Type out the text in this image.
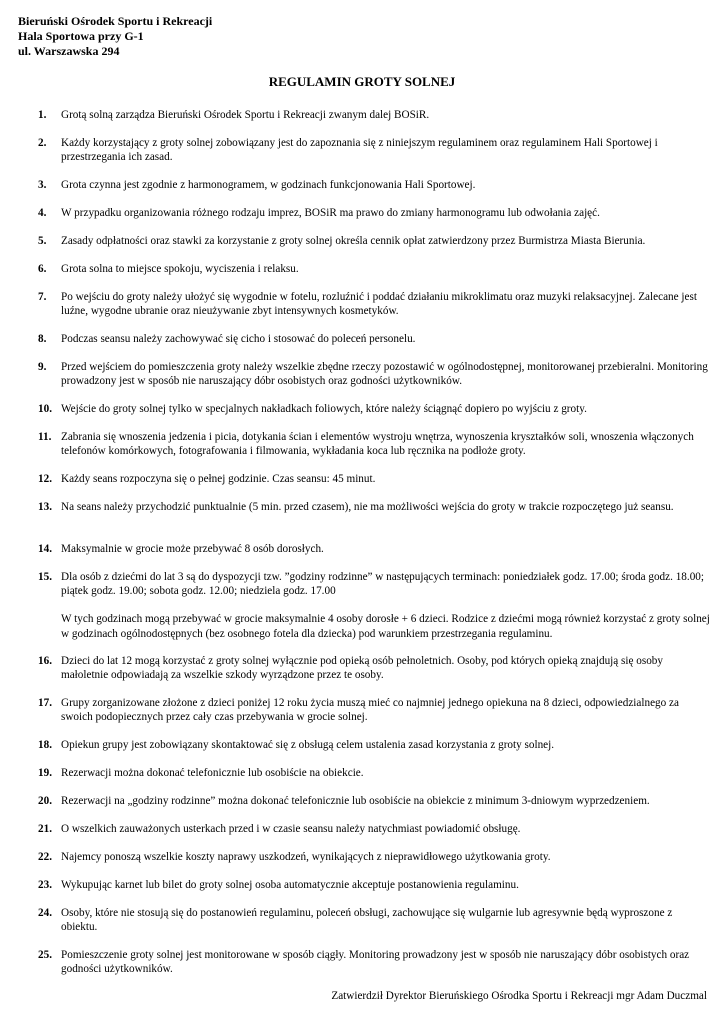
Bieruński Ośrodek Sportu i Rekreacji
Hala Sportowa przy G-1
ul. Warszawska 294
REGULAMIN GROTY SOLNEJ
1. Grotą solną zarządza Bieruński Ośrodek Sportu i Rekreacji zwanym dalej BOSiR.
2. Każdy korzystający z groty solnej zobowiązany jest do zapoznania się z niniejszym regulaminem oraz regulaminem Hali Sportowej i przestrzegania ich zasad.
3. Grota czynna jest zgodnie z harmonogramem, w godzinach funkcjonowania Hali Sportowej.
4. W przypadku organizowania różnego rodzaju imprez, BOSiR ma prawo do zmiany harmonogramu lub odwołania zajęć.
5. Zasady odpłatności oraz stawki za korzystanie z groty solnej określa cennik opłat zatwierdzony przez Burmistrza Miasta Bierunia.
6. Grota solna to miejsce spokoju, wyciszenia i relaksu.
7. Po wejściu do groty należy ułożyć się wygodnie w fotelu, rozluźnić i poddać działaniu mikroklimatu oraz muzyki relaksacyjnej. Zalecane jest luźne, wygodne ubranie oraz nieużywanie zbyt intensywnych kosmetyków.
8. Podczas seansu należy zachowywać się cicho i stosować do poleceń personelu.
9. Przed wejściem do pomieszczenia groty należy wszelkie zbędne rzeczy pozostawić w ogólnodostępnej, monitorowanej przebieralni. Monitoring prowadzony jest w sposób nie naruszający dóbr osobistych oraz godności użytkowników.
10. Wejście do groty solnej tylko w specjalnych nakładkach foliowych, które należy ściągnąć dopiero po wyjściu z groty.
11. Zabrania się wnoszenia jedzenia i picia, dotykania ścian i elementów wystroju wnętrza, wynoszenia kryształków soli, wnoszenia włączonych telefonów komórkowych, fotografowania i filmowania, wykładania koca lub ręcznika na podłoże groty.
12. Każdy seans rozpoczyna się o pełnej godzinie. Czas seansu: 45 minut.
13. Na seans należy przychodzić punktualnie (5 min. przed czasem), nie ma możliwości wejścia do groty w trakcie rozpoczętego już seansu.
14. Maksymalnie w grocie może przebywać 8 osób dorosłych.
15. Dla osób z dziećmi do lat 3 są do dyspozycji tzw. ”godziny rodzinne” w następujących terminach: poniedziałek godz. 17.00; środa godz. 18.00; piątek godz. 19.00; sobota godz. 12.00; niedziela godz. 17.00
W tych godzinach mogą przebywać w grocie maksymalnie 4 osoby dorosłe + 6 dzieci. Rodzice z dziećmi mogą również korzystać z groty solnej w godzinach ogólnodostępnych (bez osobnego fotela dla dziecka) pod warunkiem przestrzegania regulaminu.
16. Dzieci do lat 12 mogą korzystać z groty solnej wyłącznie pod opieką osób pełnoletnich. Osoby, pod których opieką znajdują się osoby małoletnie odpowiadają za wszelkie szkody wyrządzone przez te osoby.
17. Grupy zorganizowane złożone z dzieci poniżej 12 roku życia muszą mieć co najmniej jednego opiekuna na 8 dzieci, odpowiedzialnego za swoich podopiecznych przez cały czas przebywania w grocie solnej.
18. Opiekun grupy jest zobowiązany skontaktować się z obsługą celem ustalenia zasad korzystania z groty solnej.
19. Rezerwacji można dokonać telefonicznie lub osobiście na obiekcie.
20. Rezerwacji na „godziny rodzinne” można dokonać telefonicznie lub osobiście na obiekcie z minimum 3-dniowym wyprzedzeniem.
21. O wszelkich zauważonych usterkach przed i w czasie seansu należy natychmiast powiadomić obsługę.
22. Najemcy ponoszą wszelkie koszty naprawy uszkodzeń, wynikających z nieprawidłowego użytkowania groty.
23. Wykupując karnet lub bilet do groty solnej osoba automatycznie akceptuje postanowienia regulaminu.
24. Osoby, które nie stosują się do postanowień regulaminu, poleceń obsługi, zachowujące się wulgarnie lub agresywnie będą wyproszone z obiektu.
25. Pomieszczenie groty solnej jest monitorowane w sposób ciągły. Monitoring prowadzony jest w sposób nie naruszający dóbr osobistych oraz godności użytkowników.
Zatwierdził Dyrektor Bieruńskiego Ośrodka Sportu i Rekreacji mgr Adam Duczmal
